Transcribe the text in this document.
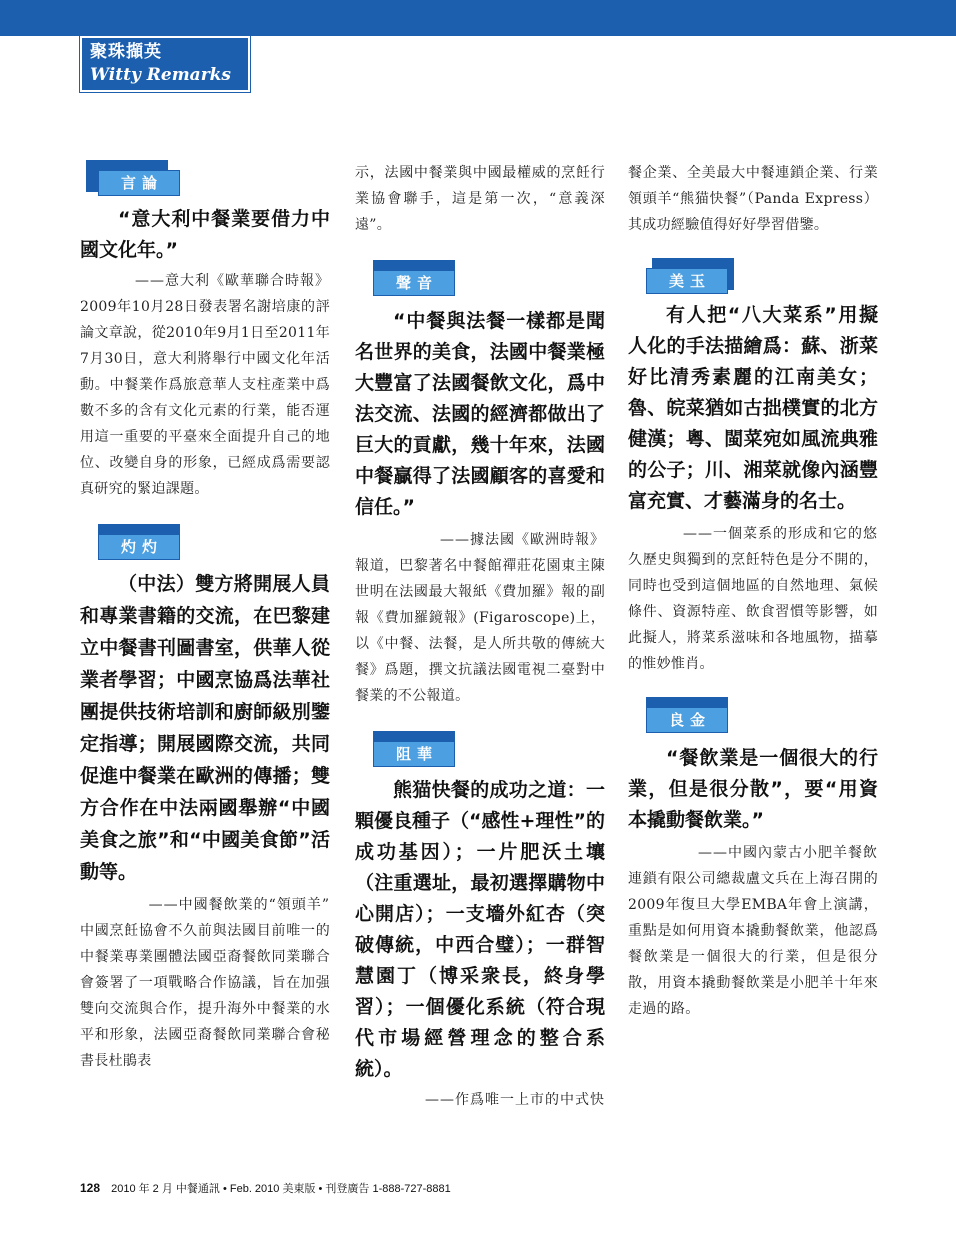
聚珠擷英
Witty Remarks
言論
“意大利中餐業要借力中國文化年。”
——意大利《歐華聯合時報》
2009年10月28日發表署名謝培康的評論文章說，從2010年9月1日至2011年7月30日，意大利將舉行中國文化年活動。中餐業作爲旅意華人支柱產業中爲數不多的含有文化元素的行業，能否運用這一重要的平臺來全面提升自己的地位、改變自身的形象，已經成爲需要認真研究的緊迫課題。
灼灼
（中法）雙方將開展人員和專業書籍的交流，在巴黎建立中餐書刊圖書室，供華人從業者學習；中國烹協爲法華社團提供技術培訓和廚師級別鑒定指導；開展國際交流，共同促進中餐業在歐洲的傳播；雙方合作在中法兩國舉辦“中國美食之旅”和“中國美食節”活動等。
——中國餐飲業的“領頭羊”
中國烹飪協會不久前與法國目前唯一的中餐業專業團體法國亞裔餐飲同業聯合會簽署了一項戰略合作協議，旨在加强雙向交流與合作，提升海外中餐業的水平和形象，法國亞裔餐飲同業聯合會秘書長杜鵑表
示，法國中餐業與中國最權威的烹飪行業協會聯手，這是第一次，“意義深遠”。
聲音
“中餐與法餐一樣都是聞名世界的美食，法國中餐業極大豐富了法國餐飲文化，爲中法交流、法國的經濟都做出了巨大的貢獻，幾十年來，法國中餐贏得了法國顧客的喜愛和信任。”
——據法國《歐洲時報》
報道，巴黎著名中餐館禪莊花園東主陳世明在法國最大報紙《費加羅》報的副報《費加羅鏡報》(Figaroscope)上，以《中餐、法餐，是人所共敬的傳統大餐》爲題，撰文抗議法國電視二臺對中餐業的不公報道。
阻華
熊猫快餐的成功之道：一顆優良種子（“感性+理性”的成功基因）；一片肥沃土壤（注重選址，最初選擇購物中心開店）；一支墻外紅杏（突破傳統，中西合璧）；一群智慧園丁（博采衆長，終身學習）；一個優化系統（符合現代市場經營理念的整合系統）。
——作爲唯一上市的中式快
餐企業、全美最大中餐連鎖企業、行業領頭羊“熊猫快餐”（Panda Express）其成功經驗值得好好學習借鑒。
美玉
有人把“八大菜系”用擬人化的手法描繪爲：蘇、浙菜好比清秀素麗的江南美女；魯、皖菜猶如古拙樸實的北方健漢；粵、閩菜宛如風流典雅的公子；川、湘菜就像內涵豐富充實、才藝滿身的名士。
——一個菜系的形成和它的悠
久歷史與獨到的烹飪特色是分不開的，同時也受到這個地區的自然地理、氣候條件、資源特産、飲食習慣等影響，如此擬人，將菜系滋味和各地風物，描摹的惟妙惟肖。
良金
“餐飲業是一個很大的行業，但是很分散”，要“用資本撬動餐飲業。”
——中國內蒙古小肥羊餐飲
連鎖有限公司總裁盧文兵在上海召開的2009年復旦大學EMBA年會上演講，重點是如何用資本撬動餐飲業，他認爲餐飲業是一個很大的行業，但是很分散，用資本撬動餐飲業是小肥羊十年來走過的路。
128 2010 年 2 月 中餐通訊 • Feb. 2010 美東版 • 刊登廣告 1-888-727-8881
